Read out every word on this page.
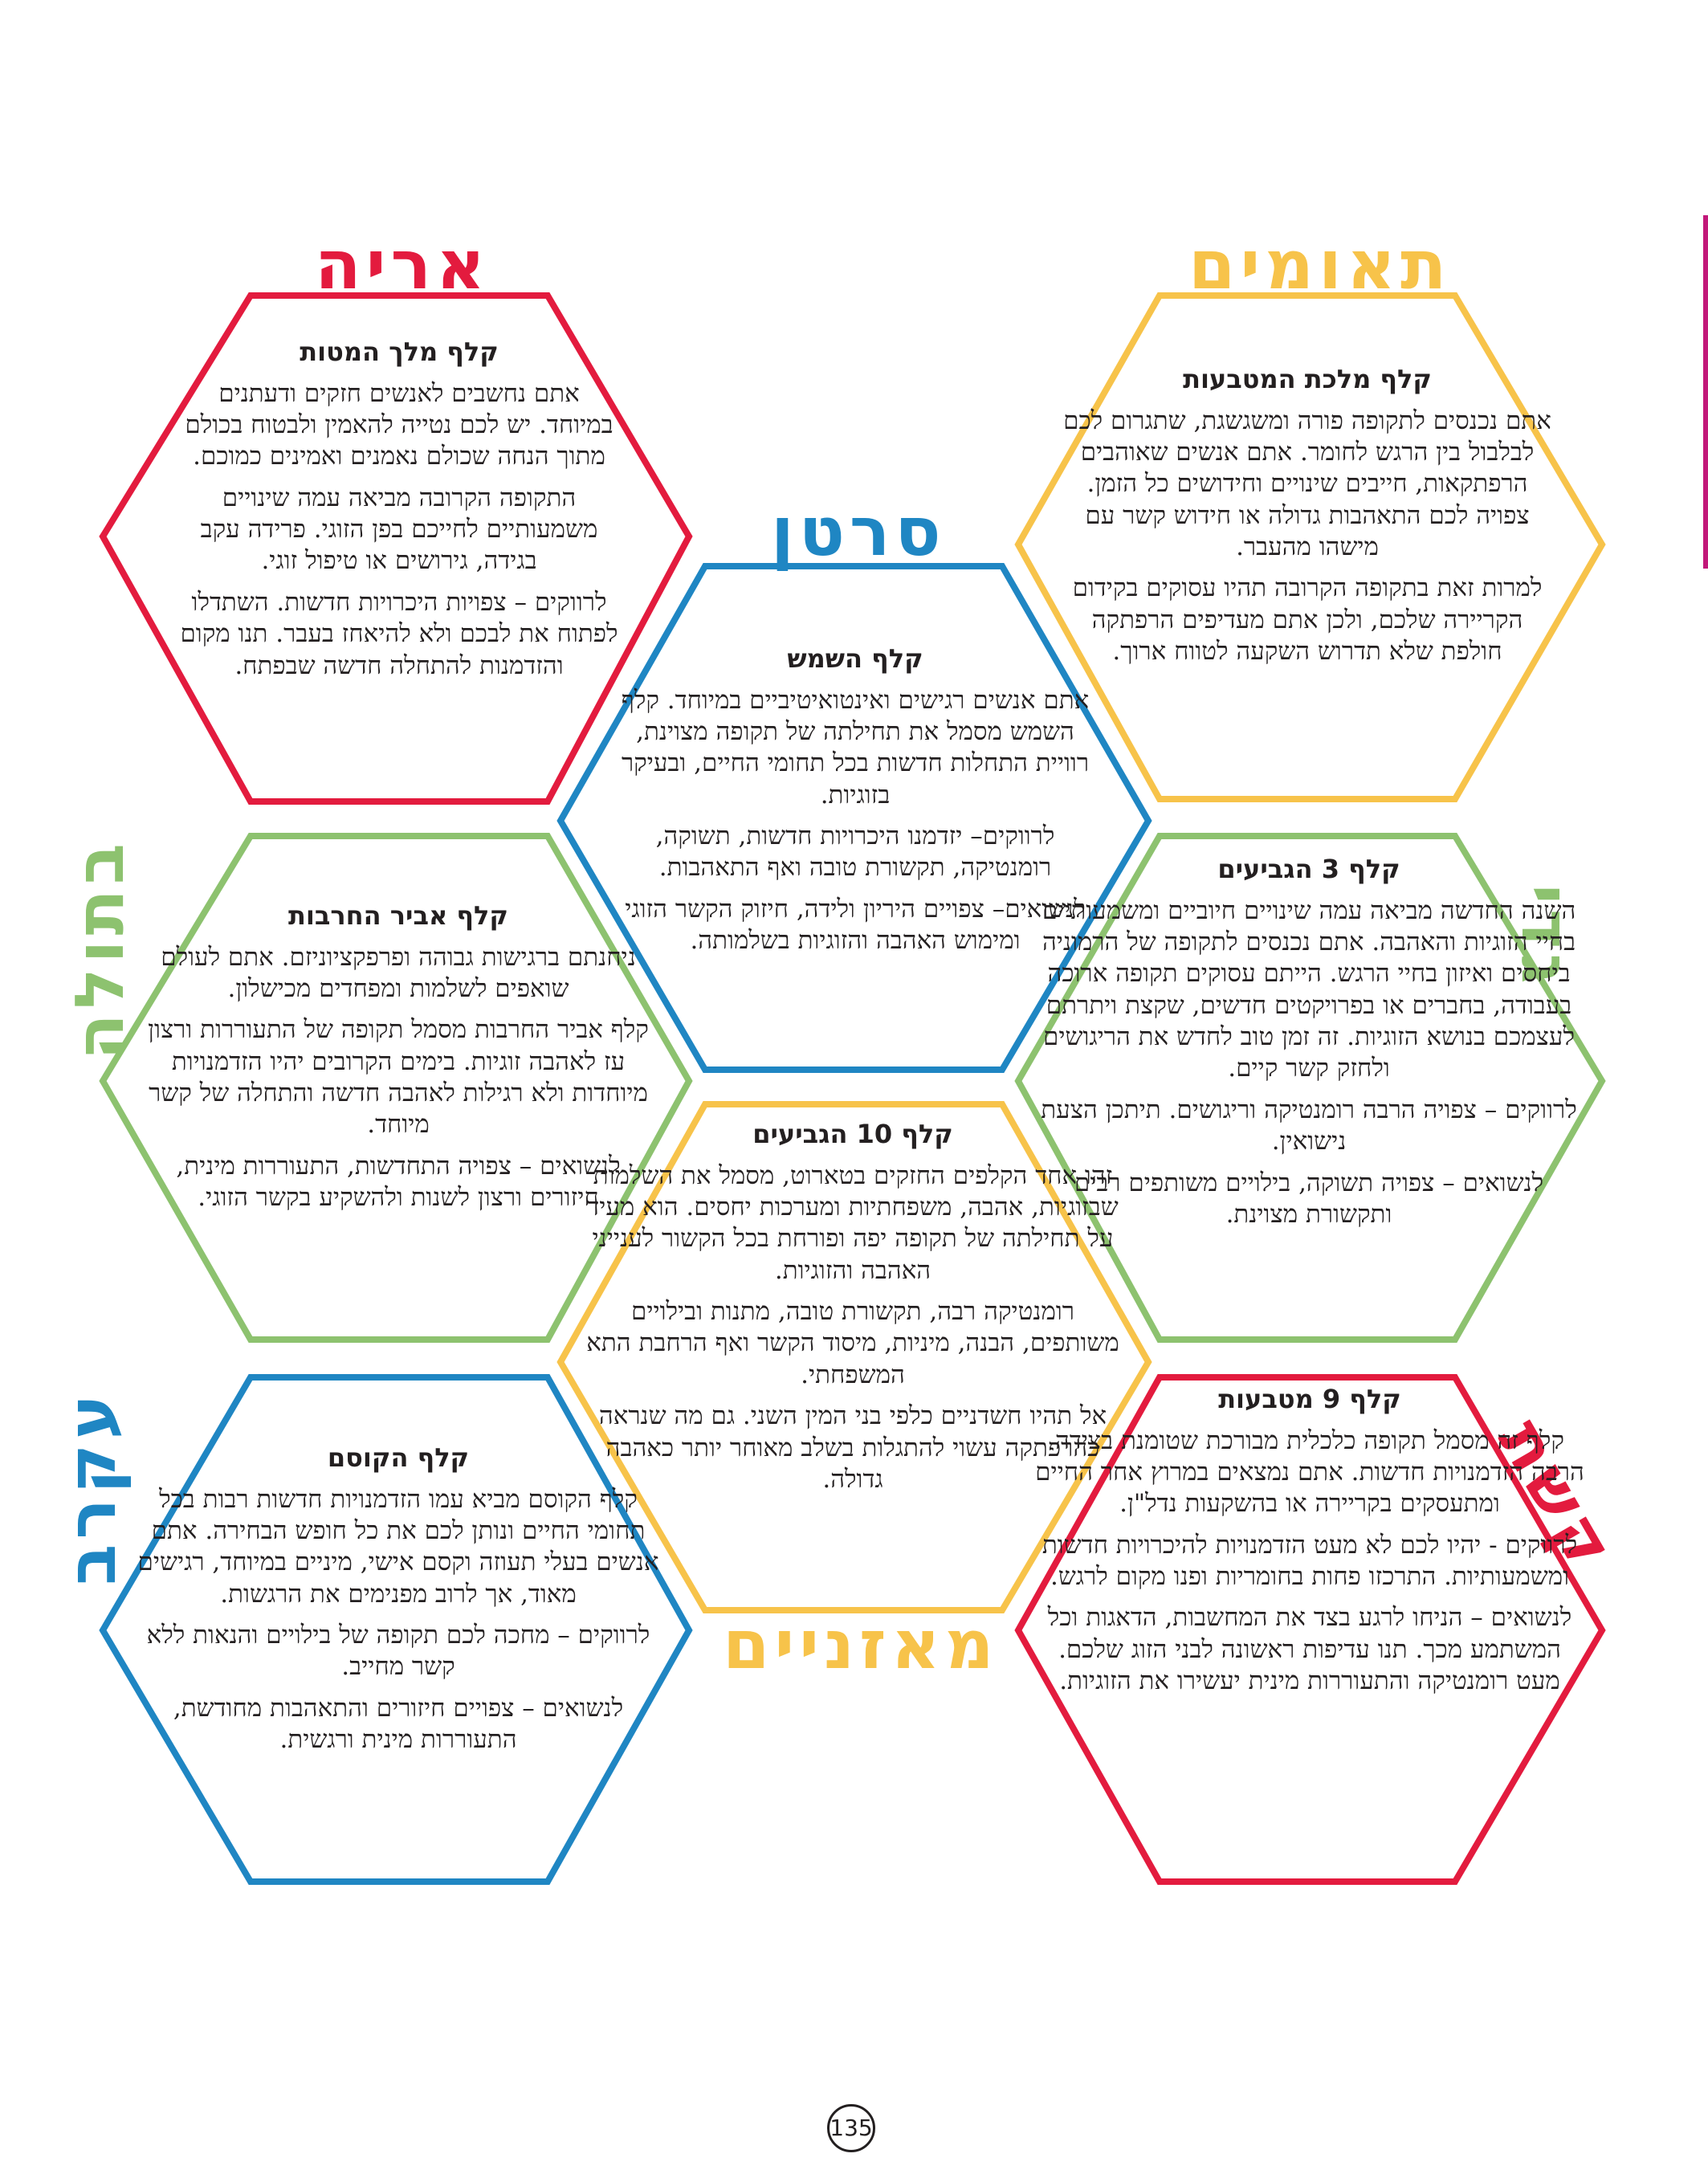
אריה	תאומים
סרטן
בתולה	גדי
מאזניים
עקרב	קשת
קלף מלך המטות

אתם נחשבים לאנשים חזקים ודעתנים במיוחד. יש לכם נטייה להאמין ולבטוח בכולם מתוך הנחה שכולם נאמנים ואמינים כמוכם.

התקופה הקרובה מביאה עמה שינויים משמעותיים לחייכם בפן הזוגי. פרידה עקב בגידה, גירושים או טיפול זוגי.

לרווקים – צפויות היכרויות חדשות. השתדלו לפתוח את לבכם ולא להיאחז בעבר. תנו מקום והזדמנות להתחלה חדשה שבפתח.

קלף מלכת המטבעות

אתם נכנסים לתקופה פורה ומשגשגת, שתגרום לכם לבלבול בין הרגש לחומר. אתם אנשים שאוהבים הרפתקאות, חייבים שינויים וחידושים כל הזמן. צפויה לכם התאהבות גדולה או חידוש קשר עם מישהו מהעבר.

למרות זאת בתקופה הקרובה תהיו עסוקים בקידום הקריירה שלכם, ולכן אתם מעדיפים הרפתקה חולפת שלא תדרוש השקעה לטווח ארוך.

קלף השמש

אתם אנשים רגישים ואינטואיטיביים במיוחד. קלף השמש מסמל את תחילתה של תקופה מצוינת, רוויית התחלות חדשות בכל תחומי החיים, ובעיקר בזוגיות.

לרווקים– יזדמנו היכרויות חדשות, תשוקה, רומנטיקה, תקשורת טובה ואף התאהבות.

לנשואים– צפויים היריון ולידה, חיזוק הקשר הזוגי ומימוש האהבה והזוגיות בשלמותה.

קלף אביר החרבות

ניחנתם ברגישות גבוהה ופרפקציוניזם. אתם לעולם שואפים לשלמות ומפחדים מכישלון.

קלף אביר החרבות מסמל תקופה של התעוררות ורצון עז לאהבה זוגיות. בימים הקרובים יהיו הזדמנויות מיוחדות ולא רגילות לאהבה חדשה והתחלה של קשר מיוחד.

לנשואים – צפויה התחדשות, התעוררות מינית, חיזורים ורצון לשנות ולהשקיע בקשר הזוגי.

קלף 3 הגביעים

השנה החדשה מביאה עמה שינויים חיוביים ומשמעותיים בחיי הזוגיות והאהבה. אתם נכנסים לתקופה של הרמוניה ביחסים ואיזון בחיי הרגש. הייתם עסוקים תקופה ארוכה בעבודה, בחברים או בפרויקטים חדשים, שקצת ויתרתם לעצמכם בנושא הזוגיות. זה זמן טוב לחדש את הריגושים ולחזק קשר קיים.

לרווקים – צפויה הרבה רומנטיקה וריגושים. תיתכן הצעת נישואין.

לנשואים – צפויה תשוקה, בילויים משותפים רבים ותקשורת מצוינת.

קלף 10 הגביעים

זהו אחד הקלפים החזקים בטארוט, מסמל את השלמות שבזוגיות, אהבה, משפחתיות ומערכות יחסים. הוא מעיד על תחילתה של תקופה יפה ופורחת בכל הקשור לענייני האהבה והזוגיות.

רומנטיקה רבה, תקשורת טובה, מתנות ובילויים משותפים, הבנה, מיניות, מיסוד הקשר ואף הרחבת התא המשפחתי.

אל תהיו חשדניים כלפי בני המין השני. גם מה שנראה כהרפתקה עשוי להתגלות בשלב מאוחר יותר כאהבה גדולה.

קלף הקוסם

קלף הקוסם מביא עמו הזדמנויות חדשות רבות בכל תחומי החיים ונותן לכם את כל חופש הבחירה. אתם אנשים בעלי תעוזה וקסם אישי, מיניים במיוחד, רגישים מאוד, אך לרוב מפנימים את הרגשות.

לרווקים – מחכה לכם תקופה של בילויים והנאות ללא קשר מחייב.

לנשואים – צפויים חיזורים והתאהבות מחודשת, התעוררות מינית ורגשית.

קלף 9 מטבעות

קלף זה מסמל תקופה כלכלית מבורכת שטומנת בצידה הרבה הזדמנויות חדשות. אתם נמצאים במרוץ אחר החיים ומתעסקים בקריירה או בהשקעות נדל"ן.

לרווקים - יהיו לכם לא מעט הזדמנויות להיכרויות חדשות ומשמעותיות. התרכזו פחות בחומריות ופנו מקום לרגש.

לנשואים – הניחו לרגע בצד את המחשבות, הדאגות וכל המשתמע מכך. תנו עדיפות ראשונה לבני הזוג שלכם. מעט רומנטיקה והתעוררות מינית יעשירו את הזוגיות.

135
